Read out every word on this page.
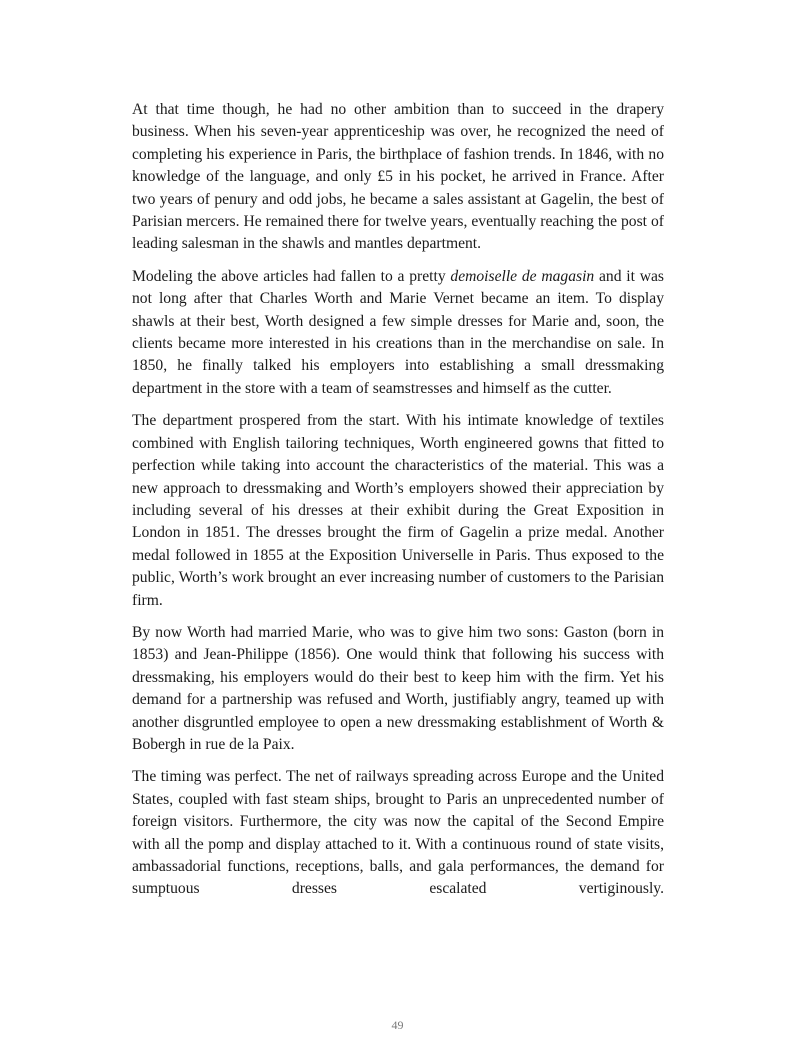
At that time though, he had no other ambition than to succeed in the drapery business. When his seven-year apprenticeship was over, he recognized the need of completing his experience in Paris, the birthplace of fashion trends. In 1846, with no knowledge of the language, and only £5 in his pocket, he arrived in France. After two years of penury and odd jobs, he became a sales assistant at Gagelin, the best of Parisian mercers. He remained there for twelve years, eventually reaching the post of leading salesman in the shawls and mantles department.

Modeling the above articles had fallen to a pretty demoiselle de magasin and it was not long after that Charles Worth and Marie Vernet became an item. To display shawls at their best, Worth designed a few simple dresses for Marie and, soon, the clients became more interested in his creations than in the merchandise on sale. In 1850, he finally talked his employers into establishing a small dressmaking department in the store with a team of seamstresses and himself as the cutter.

The department prospered from the start. With his intimate knowledge of textiles combined with English tailoring techniques, Worth engineered gowns that fitted to perfection while taking into account the characteristics of the material. This was a new approach to dressmaking and Worth’s employers showed their appreciation by including several of his dresses at their exhibit during the Great Exposition in London in 1851. The dresses brought the firm of Gagelin a prize medal. Another medal followed in 1855 at the Exposition Universelle in Paris. Thus exposed to the public, Worth’s work brought an ever increasing number of customers to the Parisian firm.

By now Worth had married Marie, who was to give him two sons: Gaston (born in 1853) and Jean-Philippe (1856). One would think that following his success with dressmaking, his employers would do their best to keep him with the firm. Yet his demand for a partnership was refused and Worth, justifiably angry, teamed up with another disgruntled employee to open a new dressmaking establishment of Worth & Bobergh in rue de la Paix.

The timing was perfect. The net of railways spreading across Europe and the United States, coupled with fast steam ships, brought to Paris an unprecedented number of foreign visitors. Furthermore, the city was now the capital of the Second Empire with all the pomp and display attached to it. With a continuous round of state visits, ambassadorial functions, receptions, balls, and gala performances, the demand for sumptuous dresses escalated vertiginously.

49
